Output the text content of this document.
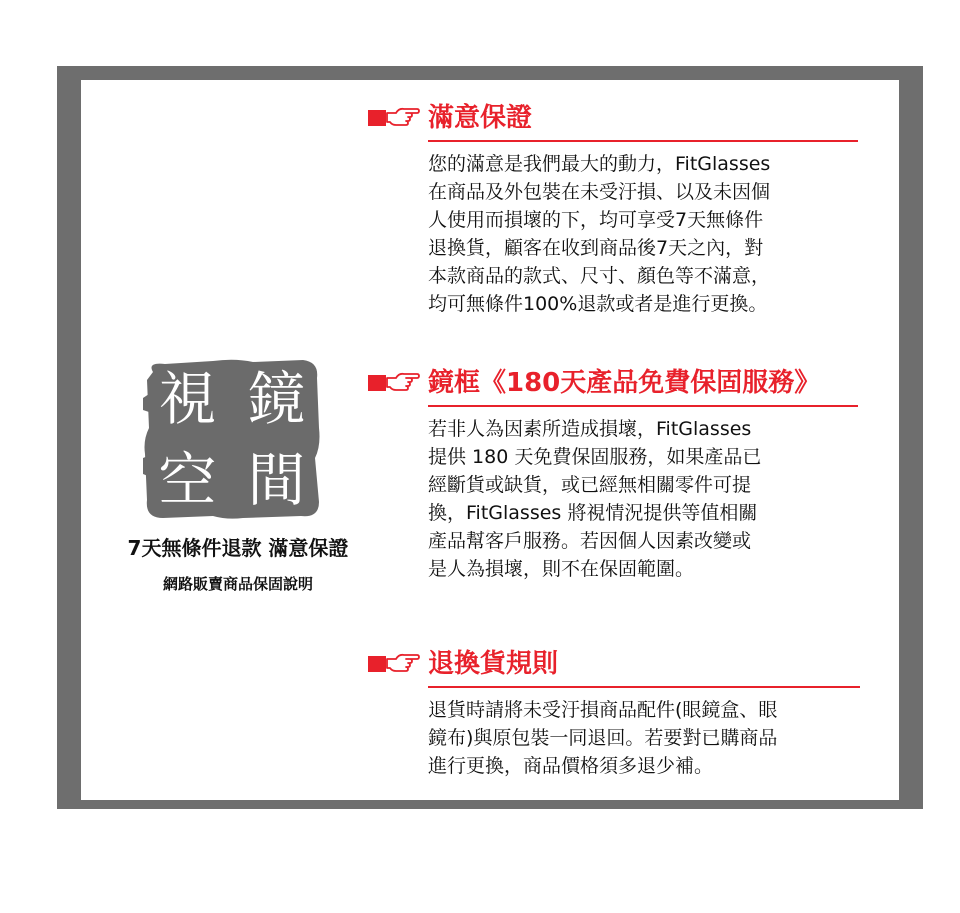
視 鏡
空 間
7天無條件退款 滿意保證
網路販賣商品保固說明
滿意保證
您的滿意是我們最大的動力，FitGlasses
在商品及外包裝在未受汙損、以及未因個
人使用而損壞的下，均可享受7天無條件
退換貨，顧客在收到商品後7天之內，對
本款商品的款式、尺寸、顏色等不滿意，
均可無條件100%退款或者是進行更換。
鏡框《180天產品免費保固服務》
若非人為因素所造成損壞，FitGlasses
提供 180 天免費保固服務，如果產品已
經斷貨或缺貨，或已經無相關零件可提
換，FitGlasses 將視情況提供等值相關
產品幫客戶服務。若因個人因素改變或
是人為損壞，則不在保固範圍。
退換貨規則
退貨時請將未受汙損商品配件(眼鏡盒、眼
鏡布)與原包裝一同退回。若要對已購商品
進行更換，商品價格須多退少補。
